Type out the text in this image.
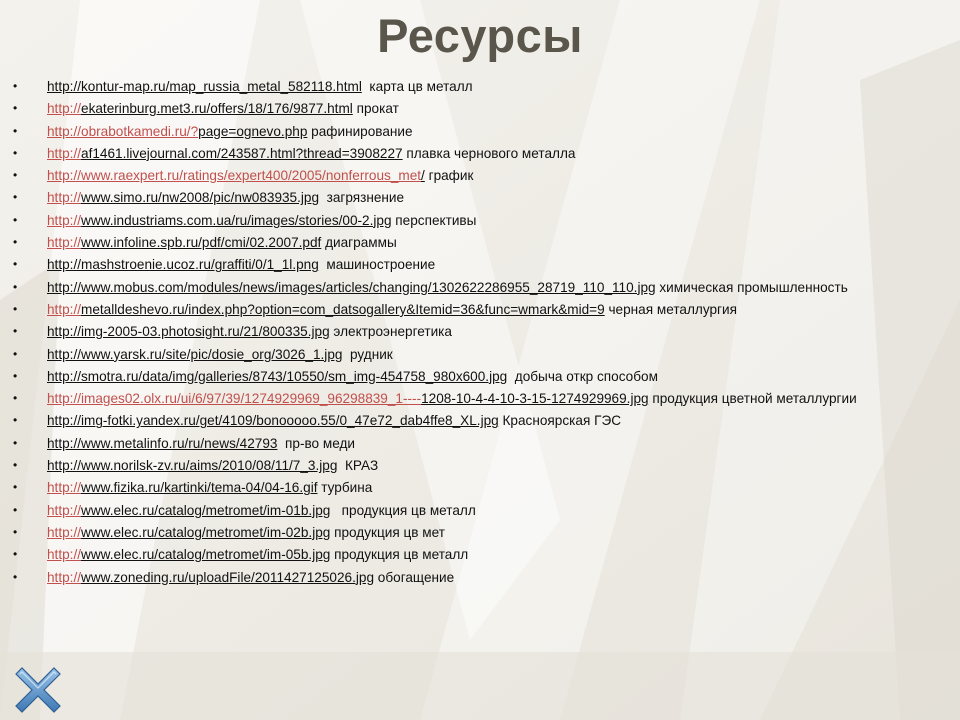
Ресурсы
• http://kontur-map.ru/map_russia_metal_582118.html  карта цв металл
• http://ekaterinburg.met3.ru/offers/18/176/9877.html прокат
• http://obrabotkamedi.ru/?page=ognevo.php рафинирование
• http://af1461.livejournal.com/243587.html?thread=3908227 плавка чернового металла
• http://www.raexpert.ru/ratings/expert400/2005/nonferrous_met/ график
• http://www.simo.ru/nw2008/pic/nw083935.jpg  загрязнение
• http://www.industriams.com.ua/ru/images/stories/00-2.jpg перспективы
• http://www.infoline.spb.ru/pdf/cmi/02.2007.pdf диаграммы
• http://mashstroenie.ucoz.ru/graffiti/0/1_1l.png  машиностроение
• http://www.mobus.com/modules/news/images/articles/changing/1302622286955_28719_110_110.jpg химическая промышленность
• http://metalldeshevo.ru/index.php?option=com_datsogallery&Itemid=36&func=wmark&mid=9 черная металлургия
• http://img-2005-03.photosight.ru/21/800335.jpg электроэнергетика
• http://www.yarsk.ru/site/pic/dosie_org/3026_1.jpg  рудник
• http://smotra.ru/data/img/galleries/8743/10550/sm_img-454758_980x600.jpg  добыча откр способом
• http://images02.olx.ru/ui/6/97/39/1274929969_96298839_1----1208-10-4-4-10-3-15-1274929969.jpg продукция цветной металлургии
• http://img-fotki.yandex.ru/get/4109/bonooooo.55/0_47e72_dab4ffe8_XL.jpg Красноярская ГЭС
• http://www.metalinfo.ru/ru/news/42793  пр-во меди
• http://www.norilsk-zv.ru/aims/2010/08/11/7_3.jpg  КРАЗ
• http://www.fizika.ru/kartinki/tema-04/04-16.gif турбина
• http://www.elec.ru/catalog/metromet/im-01b.jpg   продукция цв металл
• http://www.elec.ru/catalog/metromet/im-02b.jpg продукция цв мет
• http://www.elec.ru/catalog/metromet/im-05b.jpg продукция цв металл
• http://www.zoneding.ru/uploadFile/2011427125026.jpg обогащение
